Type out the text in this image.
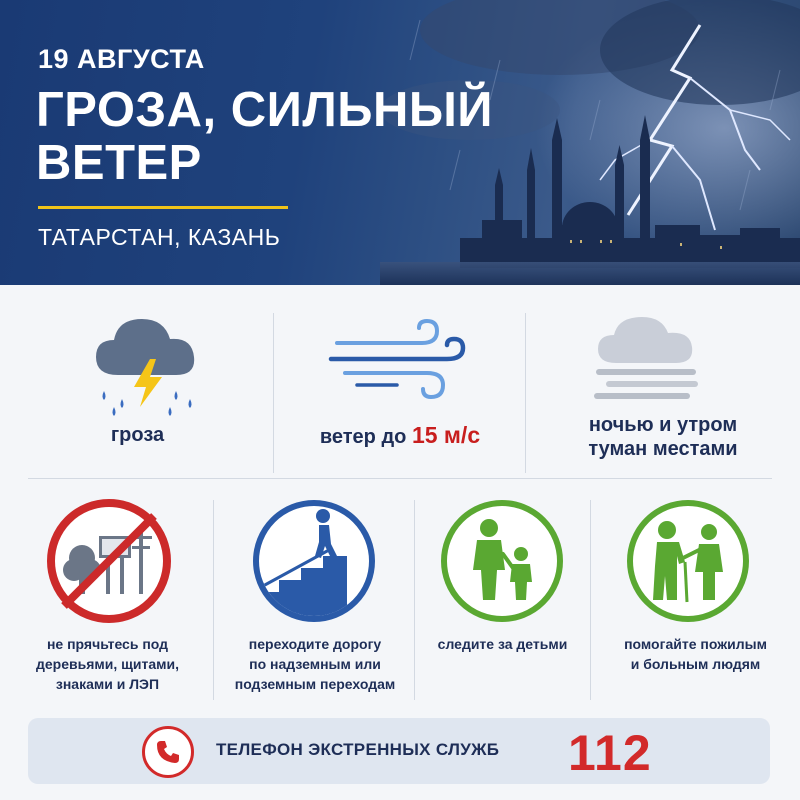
19 АВГУСТА
ГРОЗА, СИЛЬНЫЙ
ВЕТЕР
ТАТАРСТАН, КАЗАНЬ
гроза	ветер до 15 м/с	ночью и утром
туман местами
не прячьтесь под
деревьями, щитами,
знаками и ЛЭП
переходите дорогу
по надземным или
подземным переходам
следите за детьми	помогайте пожилым
и больным людям
ТЕЛЕФОН ЭКСТРЕННЫХ СЛУЖБ 112
